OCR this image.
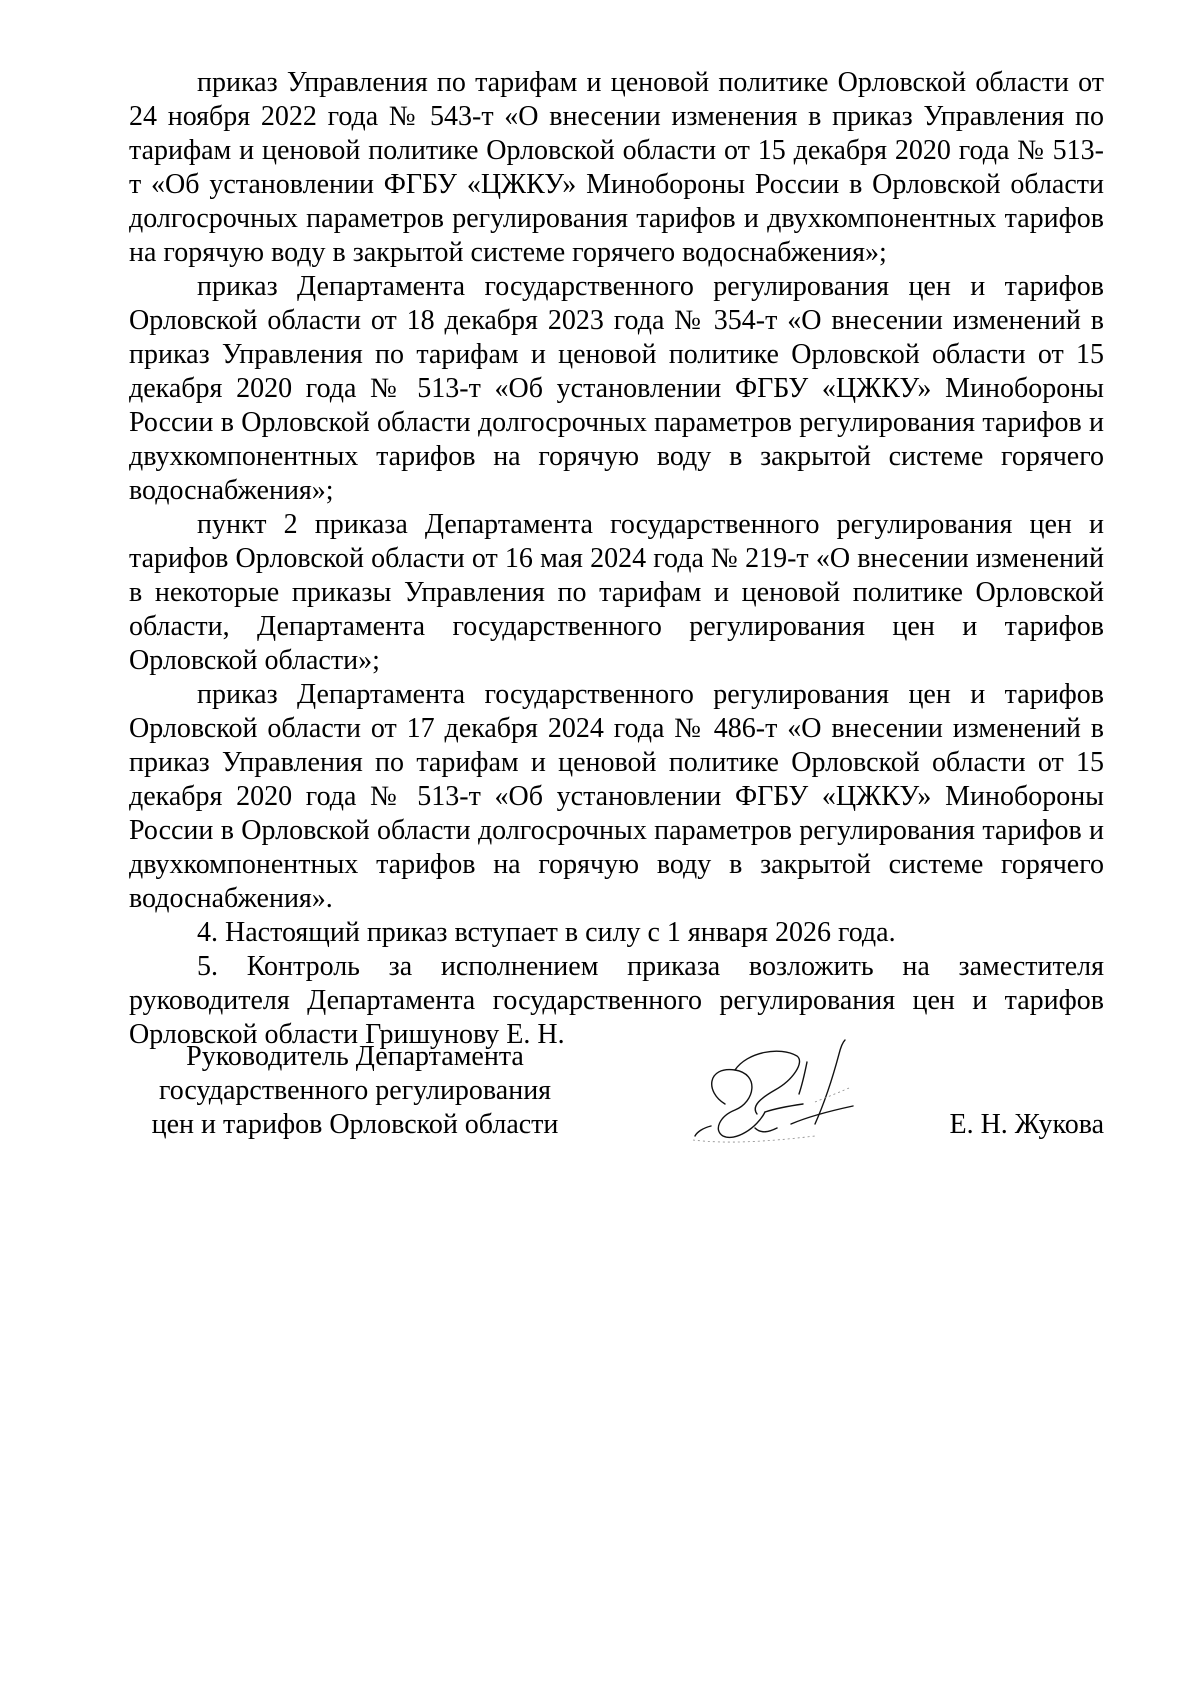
приказ Управления по тарифам и ценовой политике Орловской области от 24 ноября 2022 года № 543-т «О внесении изменения в приказ Управления по тарифам и ценовой политике Орловской области от 15 декабря 2020 года № 513-т «Об установлении ФГБУ «ЦЖКУ» Минобороны России в Орловской области долгосрочных параметров регулирования тарифов и двухкомпонентных тарифов на горячую воду в закрытой системе горячего водоснабжения»;

приказ Департамента государственного регулирования цен и тарифов Орловской области от 18 декабря 2023 года № 354-т «О внесении изменений в приказ Управления по тарифам и ценовой политике Орловской области от 15 декабря 2020 года № 513-т «Об установлении ФГБУ «ЦЖКУ» Минобороны России в Орловской области долгосрочных параметров регулирования тарифов и двухкомпонентных тарифов на горячую воду в закрытой системе горячего водоснабжения»;

пункт 2 приказа Департамента государственного регулирования цен и тарифов Орловской области от 16 мая 2024 года № 219-т «О внесении изменений в некоторые приказы Управления по тарифам и ценовой политике Орловской области, Департамента государственного регулирования цен и тарифов Орловской области»;

приказ Департамента государственного регулирования цен и тарифов Орловской области от 17 декабря 2024 года № 486-т «О внесении изменений в приказ Управления по тарифам и ценовой политике Орловской области от 15 декабря 2020 года № 513-т «Об установлении ФГБУ «ЦЖКУ» Минобороны России в Орловской области долгосрочных параметров регулирования тарифов и двухкомпонентных тарифов на горячую воду в закрытой системе горячего водоснабжения».

4. Настоящий приказ вступает в силу с 1 января 2026 года.

5. Контроль за исполнением приказа возложить на заместителя руководителя Департамента государственного регулирования цен и тарифов Орловской области Гришунову Е. Н.

Руководитель Департамента
государственного регулирования
цен и тарифов Орловской области	Е. Н. Жукова
